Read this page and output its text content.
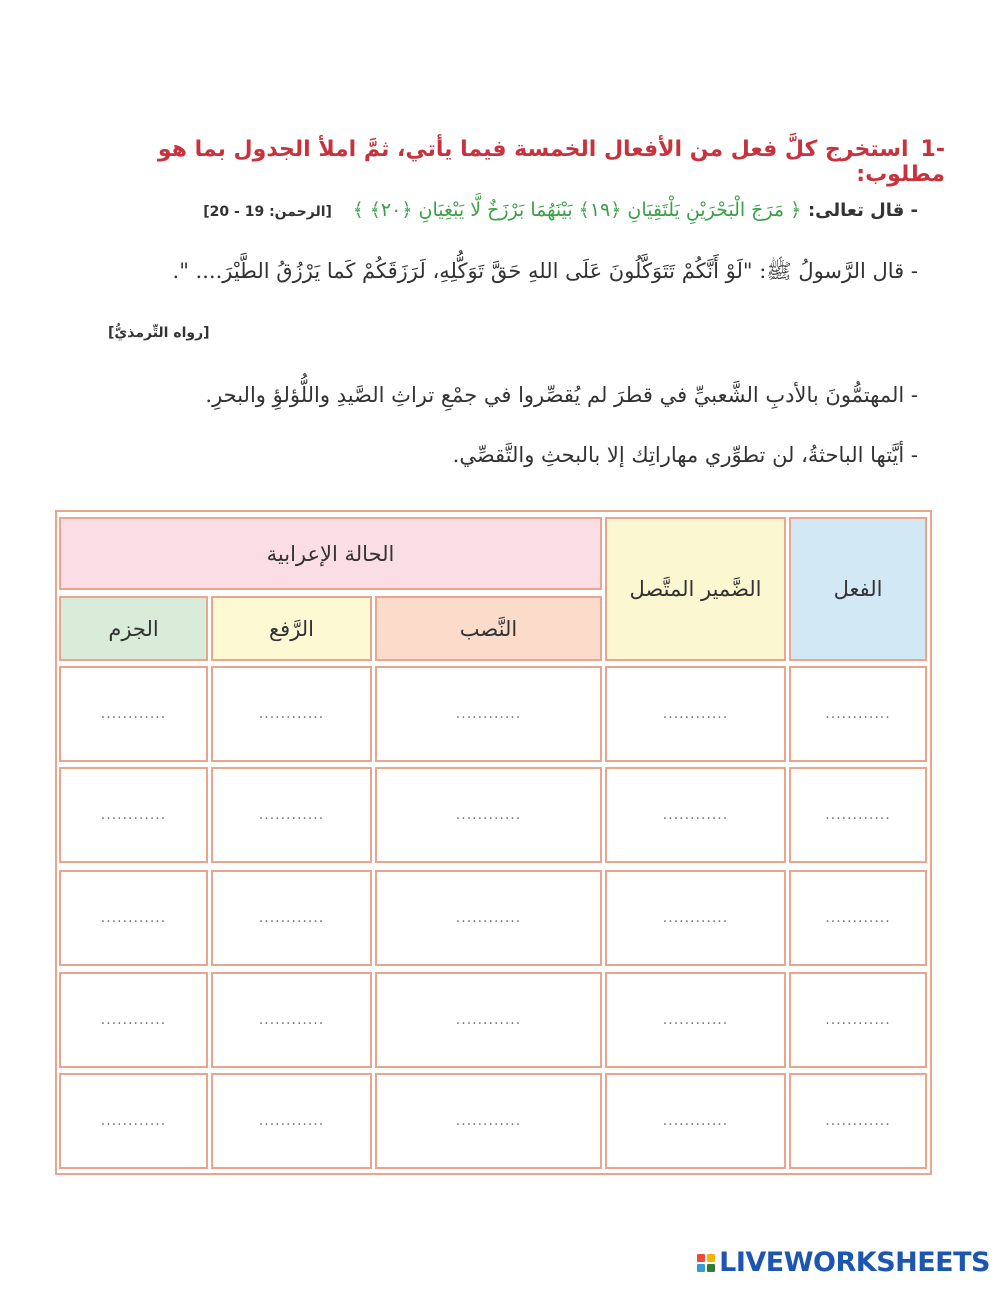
-1استخرج كلَّ فعل من الأفعال الخمسة فيما يأتي، ثمَّ املأ الجدول بما هو مطلوب:
- قال تعالى: ﴿ مَرَجَ الْبَحْرَيْنِ يَلْتَقِيَانِ ﴿١٩﴾ بَيْنَهُمَا بَرْزَخٌ لَّا يَبْغِيَانِ ﴿٢٠﴾ ﴾ [الرحمن: 19 - 20]
- قال الرَّسولُ ﷺ: "لَوْ أَنَّكُمْ تَتَوَكَّلُونَ عَلَى اللهِ حَقَّ تَوَكُّلِهِ، لَرَزَقَكُمْ كَما يَرْزُقُ الطَّيْرَ.... ".
[رواه التِّرمذيُّ]
- المهتمُّونَ بالأدبِ الشَّعبيِّ في قطرَ لم يُقصِّروا في جمْعِ تراثِ الصَّيدِ واللُّؤلؤِ والبحرِ.
- أيَّتها الباحثةُ، لن تطوِّري مهاراتِك إلا بالبحثِ والتَّقصِّي.
الفعل
الضَّمير المتَّصل
الحالة الإعرابية
النَّصب
الرَّفع
الجزم
............
............
............
............
............
............
............
............
............
............
............
............
............
............
............
............
............
............
............
............
............
............
............
............
............
LIVEWORKSHEETS
